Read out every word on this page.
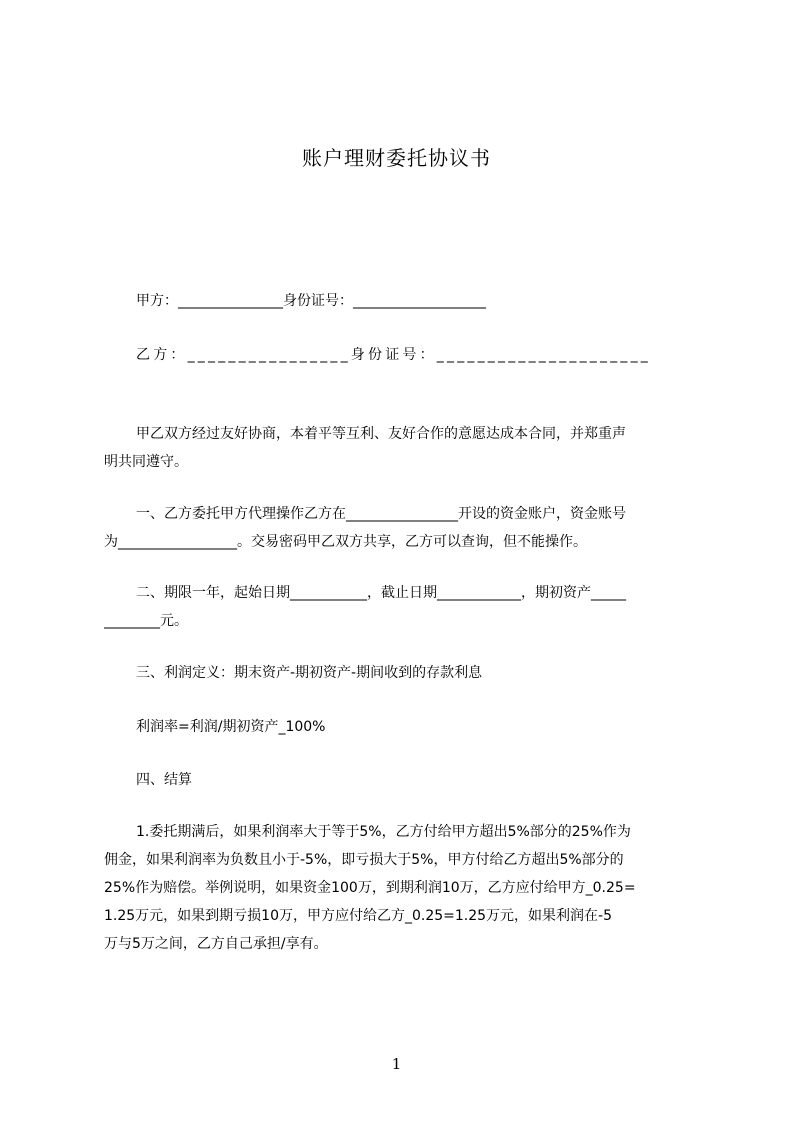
账户理财委托协议书
甲方：_______________身份证号：___________________
乙方：________________身份证号：_____________________
甲乙双方经过友好协商，本着平等互利、友好合作的意愿达成本合同，并郑重声
明共同遵守。
一、乙方委托甲方代理操作乙方在________________开设的资金账户，资金账号
为_________________。交易密码甲乙双方共享，乙方可以查询，但不能操作。
二、期限一年，起始日期___________，截止日期____________，期初资产_____
________元。
三、利润定义：期末资产-期初资产-期间收到的存款利息
利润率=利润/期初资产_100%
四、结算
1.委托期满后，如果利润率大于等于5%，乙方付给甲方超出5%部分的25%作为
佣金，如果利润率为负数且小于-5%，即亏损大于5%，甲方付给乙方超出5%部分的
25%作为赔偿。举例说明，如果资金100万，到期利润10万，乙方应付给甲方_0.25=
1.25万元，如果到期亏损10万，甲方应付给乙方_0.25=1.25万元，如果利润在-5
万与5万之间，乙方自己承担/享有。
1
